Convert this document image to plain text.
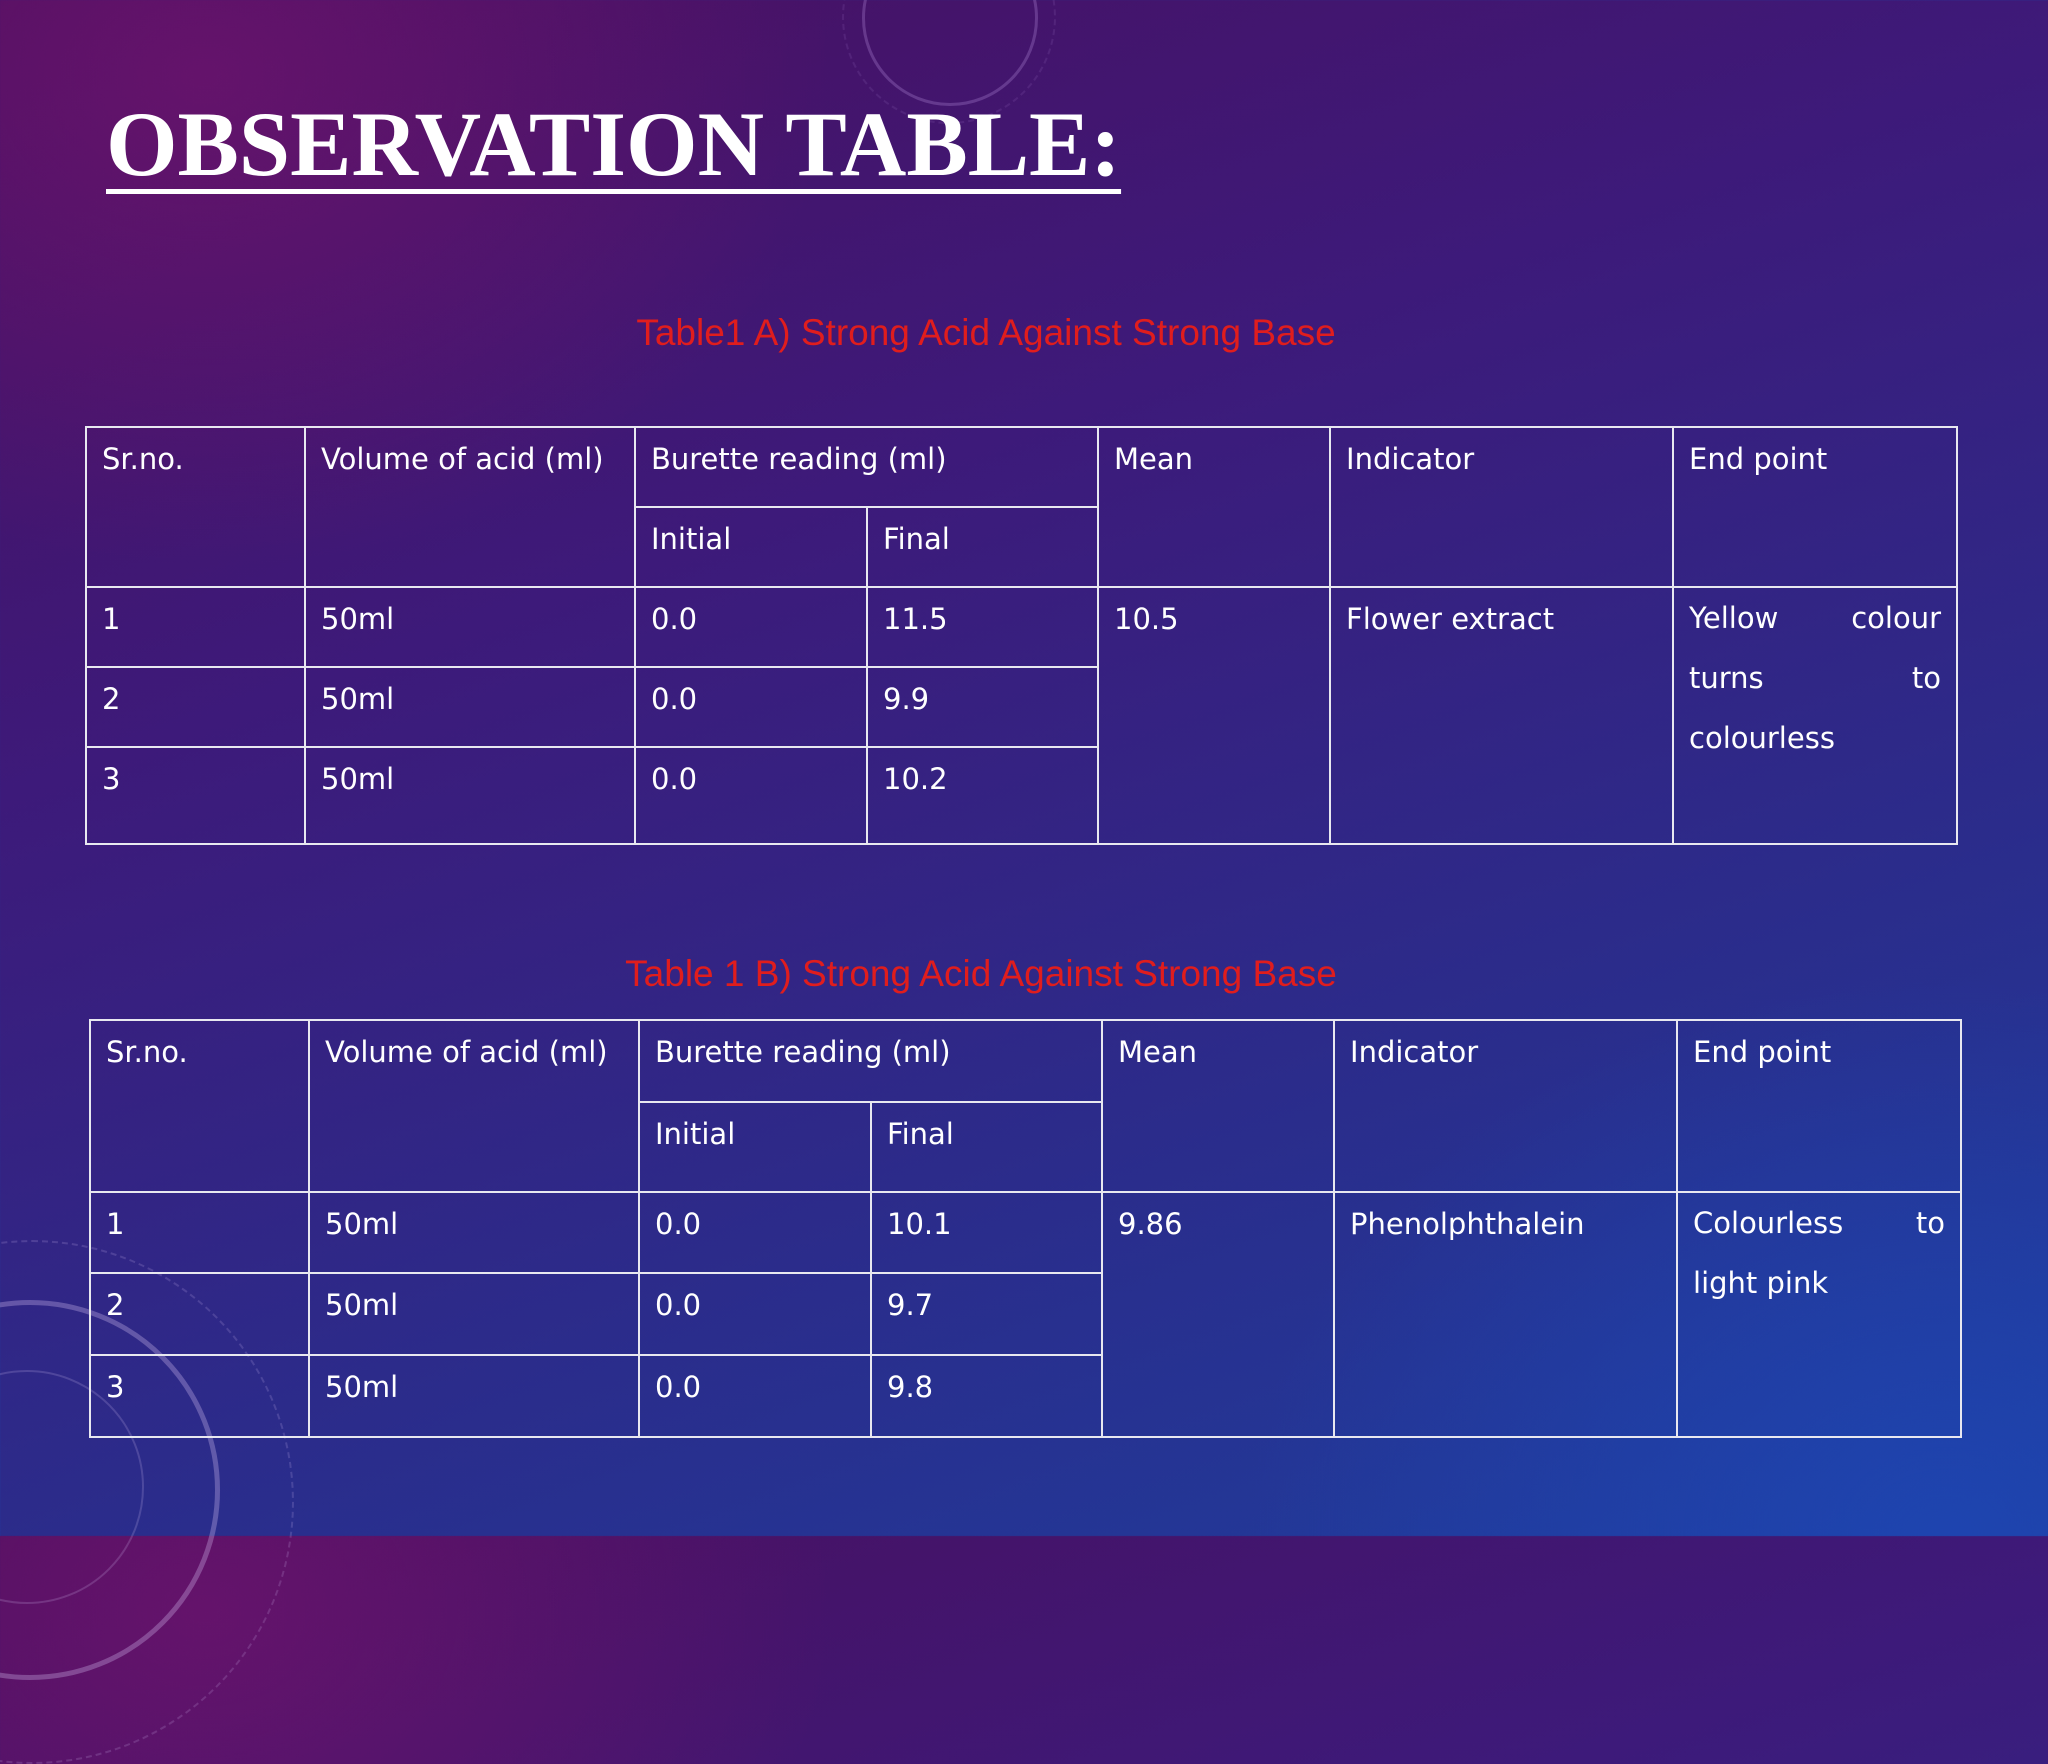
OBSERVATION TABLE:

Table1 A) Strong Acid Against Strong Base

Sr.no.	Volume of acid (ml)	Burette reading (ml)		Mean	Indicator	End point
		Initial	Final			
1	50ml	0.0	11.5	10.5	Flower extract	Yellow colour turns to colourless
2	50ml	0.0	9.9			
3	50ml	0.0	10.2			

Table 1 B) Strong Acid Against Strong Base

Sr.no.	Volume of acid (ml)	Burette reading (ml)		Mean	Indicator	End point
		Initial	Final			
1	50ml	0.0	10.1	9.86	Phenolphthalein	Colourless to light pink
2	50ml	0.0	9.7			
3	50ml	0.0	9.8			
